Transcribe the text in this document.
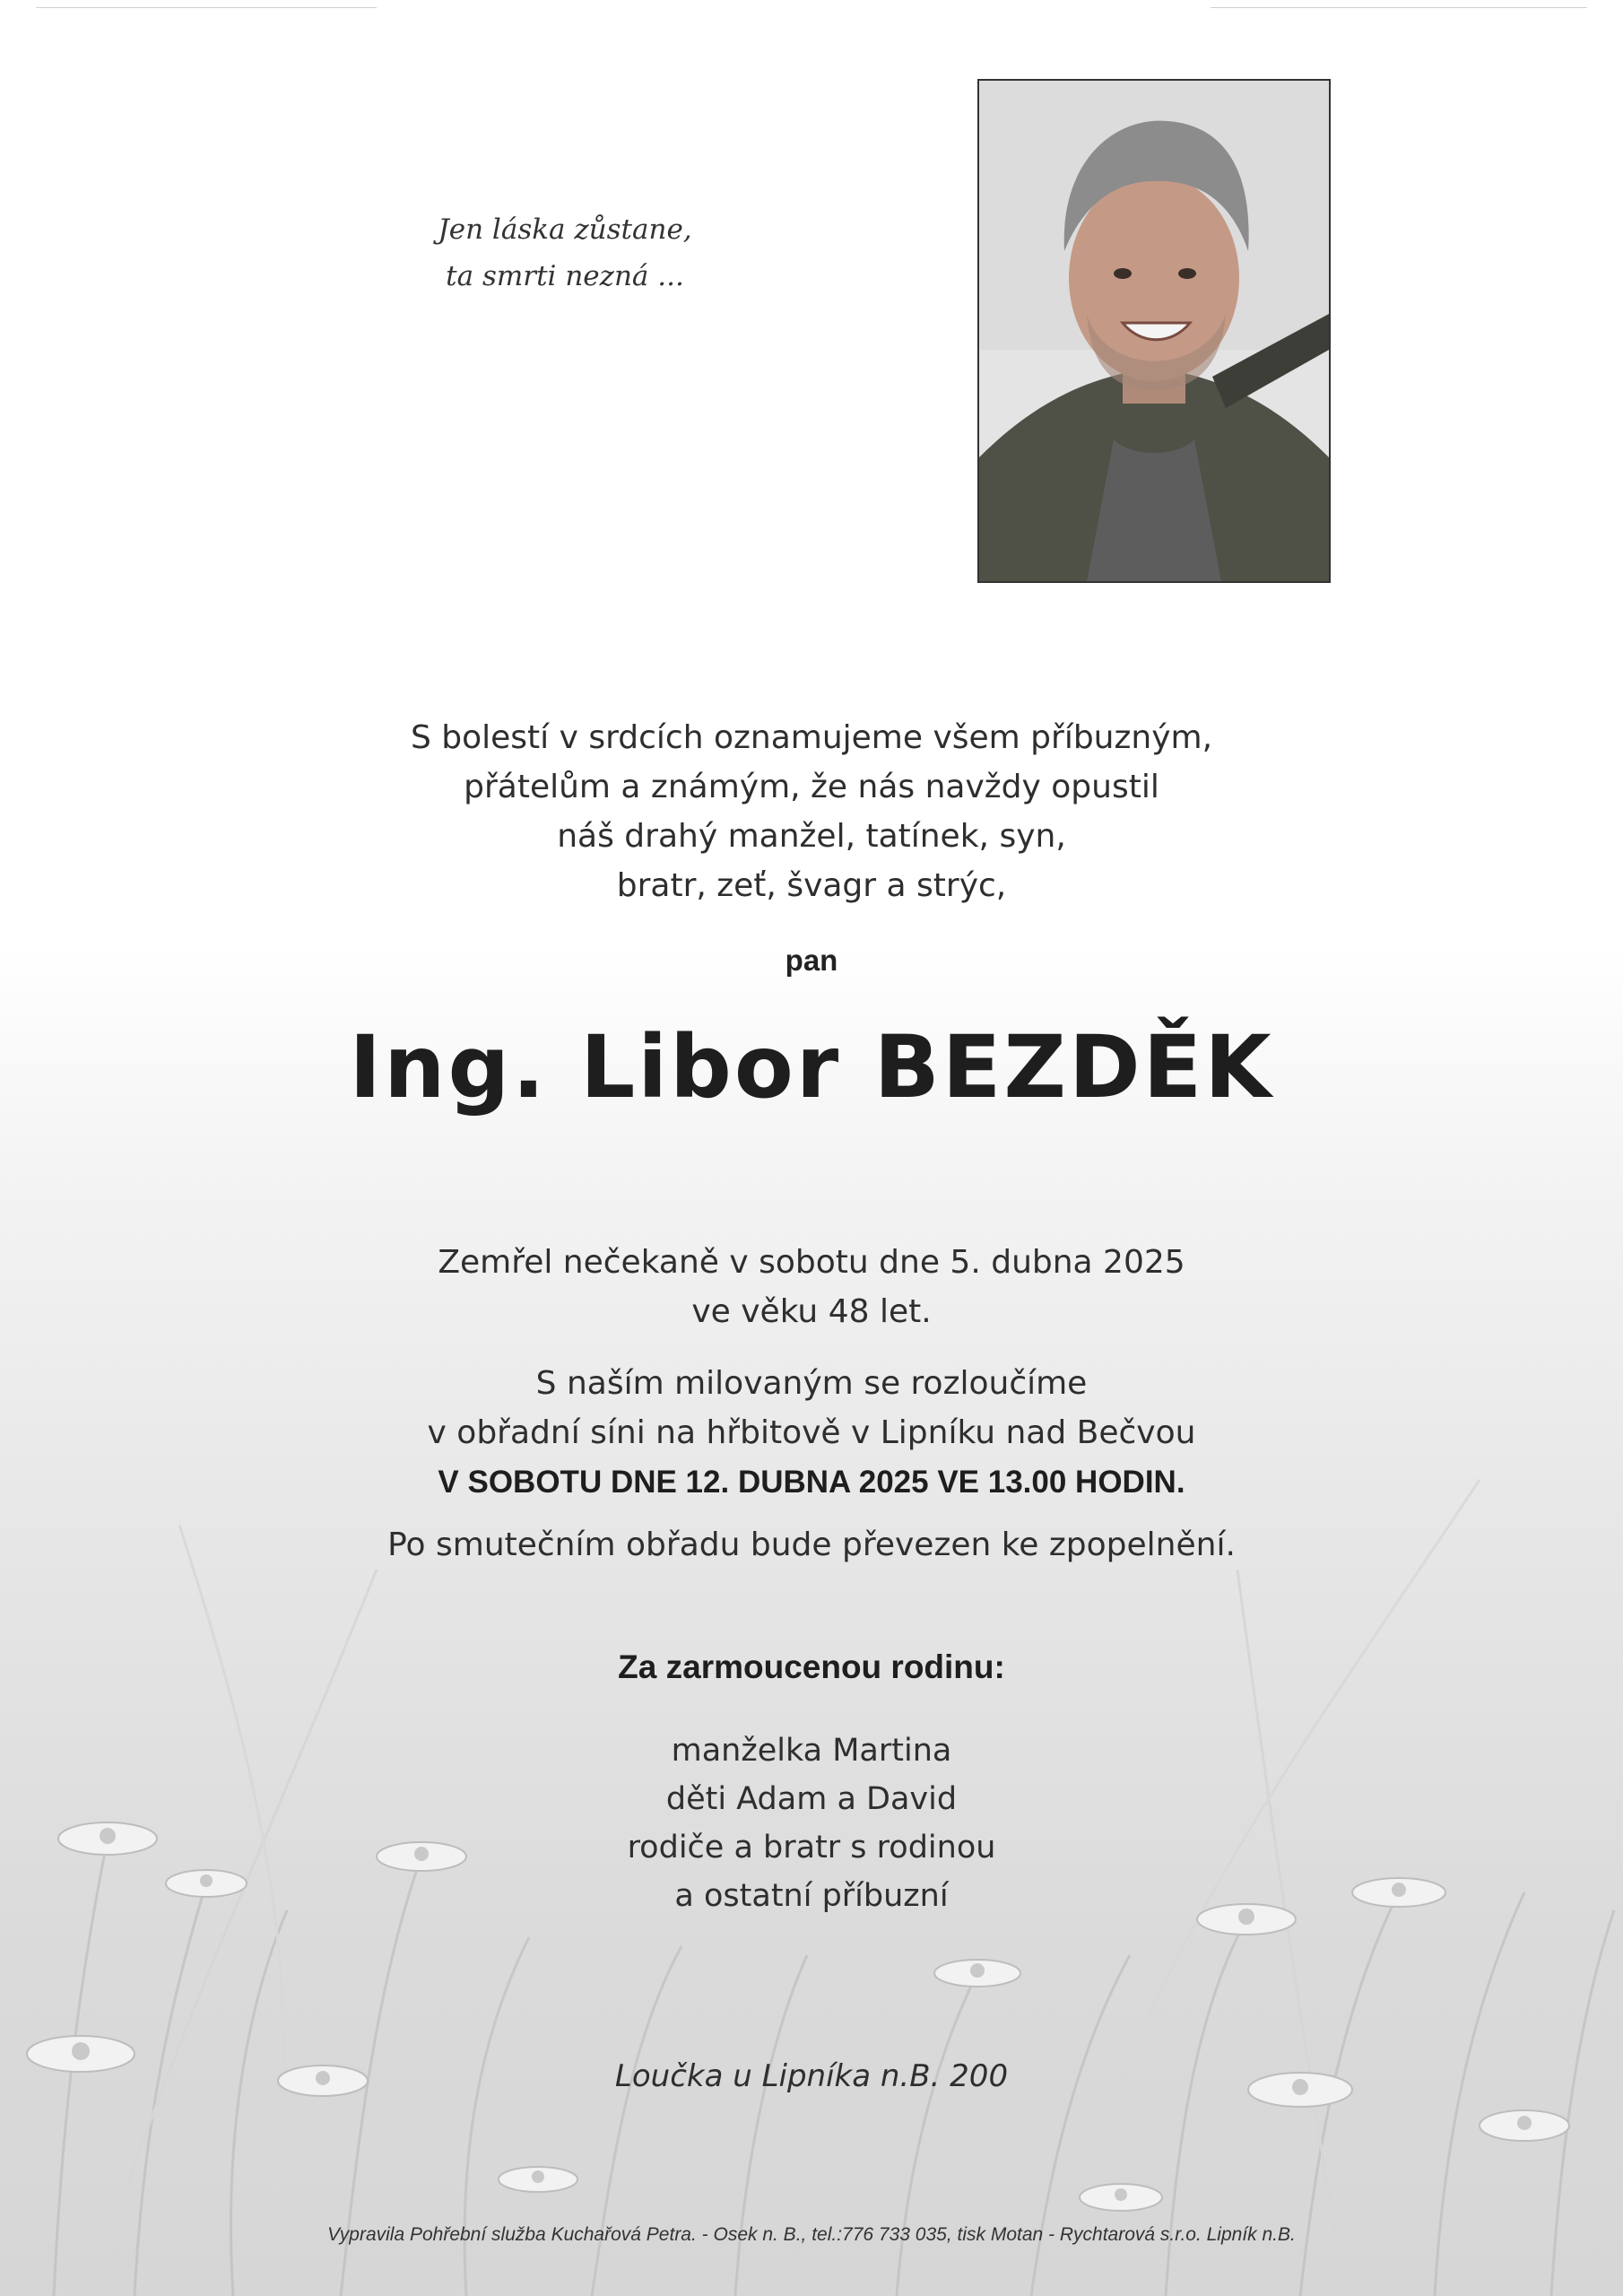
Jen láska zůstane,
ta smrti nezná ...
S bolestí v srdcích oznamujeme všem příbuzným,
přátelům a známým, že nás navždy opustil
náš drahý manžel, tatínek, syn,
bratr, zeť, švagr a strýc,
pan
Ing. Libor BEZDĚK
Zemřel nečekaně v sobotu dne 5. dubna 2025
ve věku 48 let.
S naším milovaným se rozloučíme
v obřadní síni na hřbitově v Lipníku nad Bečvou
V SOBOTU DNE 12. DUBNA 2025 VE 13.00 HODIN.
Po smutečním obřadu bude převezen ke zpopelnění.
Za zarmoucenou rodinu:
manželka Martina
děti Adam a David
rodiče a bratr s rodinou
a ostatní příbuzní
Loučka u Lipníka n.B. 200
Vypravila Pohřební služba Kuchařová Petra. - Osek n. B., tel.:776 733 035, tisk Motan - Rychtarová s.r.o. Lipník n.B.
